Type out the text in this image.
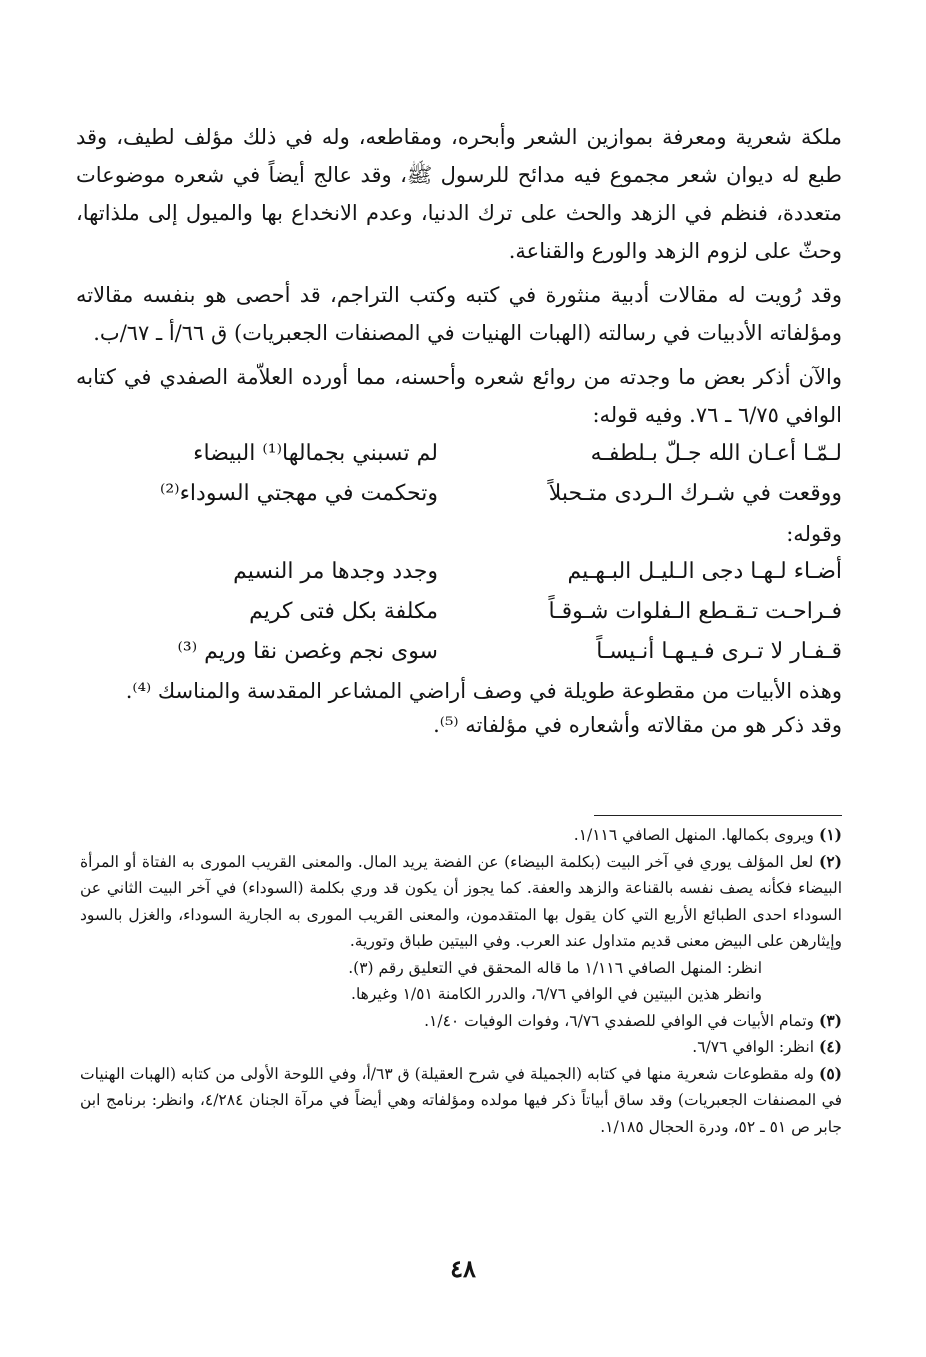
ملكة شعرية ومعرفة بموازين الشعر وأبحره، ومقاطعه، وله في ذلك مؤلف لطيف، وقد طبع له ديوان شعر مجموع فيه مدائح للرسول ﷺ، وقد عالج أيضاً في شعره موضوعات متعددة، فنظم في الزهد والحث على ترك الدنيا، وعدم الانخداع بها والميول إلى ملذاتها، وحثّ على لزوم الزهد والورع والقناعة.

وقد رُويت له مقالات أدبية منثورة في كتبه وكتب التراجم، قد أحصى هو بنفسه مقالاته ومؤلفاته الأدبيات في رسالته (الهبات الهنيات في المصنفات الجعبريات) ق ٦٦/أ ـ ٦٧/ب.

والآن أذكر بعض ما وجدته من روائع شعره وأحسنه، مما أورده العلاّمة الصفدي في كتابه الوافي ٦/٧٥ ـ ٧٦. وفيه قوله:

لـمّـا أعـان الله جـلّ بـلطفـه
لم تسبني بجمالها⁽¹⁾ البيضاء
ووقعت في شـرك الـردى متـحبلاً
وتحكمت في مهجتي السوداء⁽²⁾

وقوله:

أضـاء لـهـا دجى الـليـل البـهـيم
وجدد وجدها مر النسيم
فـراحـت تـقـطع الـفلوات شـوقـاً
مكلفة بكل فتى كريم
قـفـار لا تـرى فـيـهـا أنـيسـاً
سوى نجم وغصن نقا وريم ⁽³⁾

وهذه الأبيات من مقطوعة طويلة في وصف أراضي المشاعر المقدسة والمناسك ⁽⁴⁾.

وقد ذكر هو من مقالاته وأشعاره في مؤلفاته ⁽⁵⁾.

(١) ويروى بكمالها. المنهل الصافي ١/١١٦.

(٢) لعل المؤلف يوري في آخر البيت (بكلمة البيضاء) عن الفضة يريد المال. والمعنى القريب المورى به الفتاة أو المرأة البيضاء فكأنه يصف نفسه بالقناعة والزهد والعفة. كما يجوز أن يكون قد وري بكلمة (السوداء) في آخر البيت الثاني عن السوداء احدى الطبائع الأربع التي كان يقول بها المتقدمون، والمعنى القريب المورى به الجارية السوداء، والغزل بالسود وإيثارهن على البيض معنى قديم متداول عند العرب. وفي البيتين طباق وتورية.

انظر: المنهل الصافي ١/١١٦ ما قاله المحقق في التعليق رقم (٣).

وانظر هذين البيتين في الوافي ٦/٧٦، والدرر الكامنة ١/٥١ وغيرها.

(٣) وتمام الأبيات في الوافي للصفدي ٦/٧٦، وفوات الوفيات ١/٤٠.

(٤) انظر: الوافي ٦/٧٦.

(٥) وله مقطوعات شعرية منها في كتابه (الجميلة في شرح العقيلة) ق ٦٣/أ، وفي اللوحة الأولى من كتابه (الهبات الهنيات في المصنفات الجعبريات) وقد ساق أبياتاً ذكر فيها مولده ومؤلفاته وهي أيضاً في مرآة الجنان ٤/٢٨٤، وانظر: برنامج ابن جابر ص ٥١ ـ ٥٢، ودرة الحجال ١/١٨٥.

٤٨
